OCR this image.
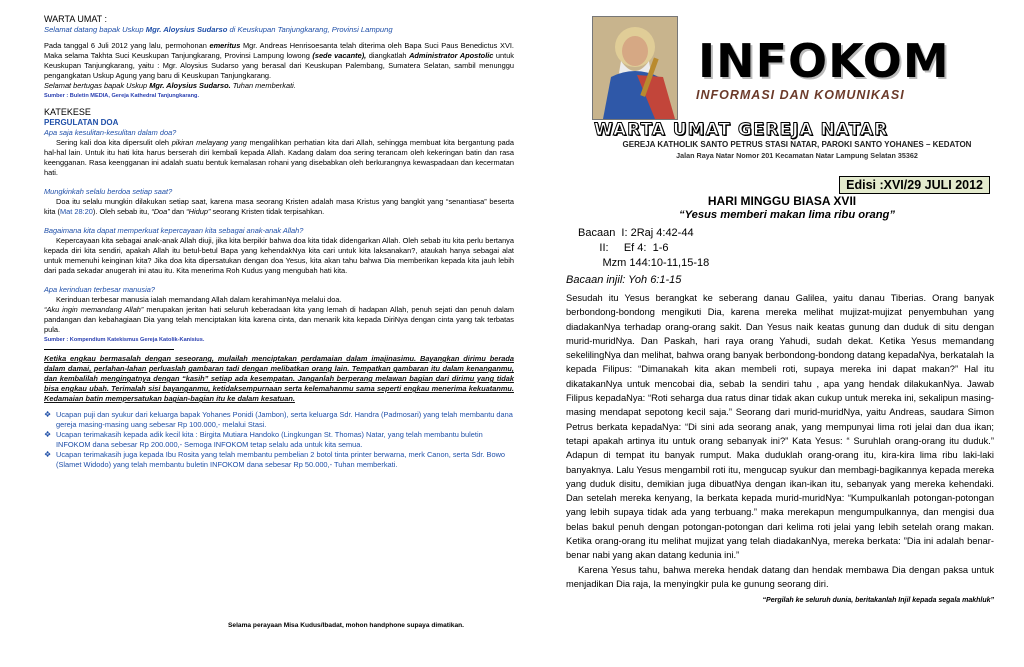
WARTA UMAT :

Selamat datang bapak Uskup Mgr. Aloysius Sudarso di Keuskupan Tanjungkarang, Provinsi Lampung

Pada tanggal 6 Juli 2012 yang lalu, permohonan emeritus Mgr. Andreas Henrisoesanta telah diterima oleh Bapa Suci Paus Benedictus XVI. Maka selama Takhta Suci Keuskupan Tanjungkarang, Provinsi Lampung lowong (sede vacante), diangkatlah Administrator Apostolic untuk Keuskupan Tanjungkarang, yaitu : Mgr. Aloysius Sudarso yang berasal dari Keuskupan Palembang, Sumatera Selatan, sambil menunggu pengangkatan Uskup Agung yang baru di Keuskupan Tanjungkarang.

Selamat bertugas bapak Uskup Mgr. Aloysius Sudarso. Tuhan memberkati.

Sumber : Buletin MEDIA, Gereja Kathedral Tanjungkarang.

KATEKESE

PERGULATAN DOA

Apa saja kesulitan-kesulitan dalam doa?

Sering kali doa kita dipersulit oleh pikiran melayang yang mengalihkan perhatian kita dari Allah, sehingga membuat kita bergantung pada hal-hal lain. Untuk itu hati kita harus berserah diri kembali kepada Allah. Kadang dalam doa sering terancam oleh kekeringan batin dan rasa keengganan. Rasa keengganan ini adalah suatu bentuk kemalasan rohani yang disebabkan oleh berkurangnya kewaspadaan dan kecermatan hati.

Mungkinkah selalu berdoa setiap saat?

Doa itu selalu mungkin dilakukan setiap saat, karena masa seorang Kristen adalah masa Kristus yang bangkit yang “senantiasa” beserta kita (Mat 28:20). Oleh sebab itu, “Doa” dan “Hidup” seorang Kristen tidak terpisahkan.

Bagaimana kita dapat memperkuat kepercayaan kita sebagai anak-anak Allah?

Kepercayaan kita sebagai anak-anak Allah diuji, jika kita berpikir bahwa doa kita tidak didengarkan Allah. Oleh sebab itu kita perlu bertanya kepada diri kita sendiri, apakah Allah itu betul-betul Bapa yang kehendakNya kita cari untuk kita laksanakan?, ataukah hanya sebagai alat untuk memenuhi keinginan kita? Jika doa kita dipersatukan dengan doa Yesus, kita akan tahu bahwa Dia memberikan kepada kita jauh lebih dari pada sekadar anugerah ini atau itu. Kita menerima Roh Kudus yang mengubah hati kita.

Apa kerinduan terbesar manusia?

Kerinduan terbesar manusia ialah memandang Allah dalam kerahimanNya melalui doa.

“Aku ingin memandang Allah” merupakan jeritan hati seluruh keberadaan kita yang lemah di hadapan Allah, penuh sejati dan penuh dalam pandangan dan kebahagiaan Dia yang telah menciptakan kita karena cinta, dan menarik kita kepada DiriNya dengan cinta yang tak terbatas pula.

Sumber : Kompendium Katekismus Gereja Katolik-Kanisius.

Ketika engkau bermasalah dengan seseorang, mulailah menciptakan perdamaian dalam imajinasimu. Bayangkan dirimu berada dalam damai, perlahan-lahan perluaslah gambaran tadi dengan melibatkan orang lain. Tempatkan gambaran itu dalam kenanganmu, dan kembalilah mengingatnya dengan “kasih” setiap ada kesempatan. Janganlah berperang melawan bagian dari dirimu yang tidak bisa engkau ubah. Terimalah sisi bayanganmu, ketidaksempurnaan serta kelemahanmu sama seperti engkau menerima kekuatanmu. Kedamaian batin mempersatukan bagian-bagian itu ke dalam kesatuan.

❖ Ucapan puji dan syukur dari keluarga bapak Yohanes Ponidi (Jambon), serta keluarga Sdr. Handra (Padmosari) yang telah membantu dana gereja masing-masing uang sebesar Rp 100.000,- melalui Stasi.
❖ Ucapan terimakasih kepada adik kecil kita : Birgita Mutiara Handoko (Lingkungan St. Thomas) Natar, yang telah membantu buletin INFOKOM dana sebesar Rp 200.000,- Semoga INFOKOM tetap selalu ada untuk kita semua.
❖ Ucapan terimakasih juga kepada Ibu Rosita yang telah membantu pembelian 2 botol tinta printer berwarna, merk Canon, serta Sdr. Bowo (Slamet Widodo) yang telah membantu buletin INFOKOM dana sebesar Rp 50.000,- Tuhan memberkati.

Selama perayaan Misa Kudus/Ibadat, mohon handphone supaya dimatikan.

INFOKOM
INFORMASI DAN KOMUNIKASI
WARTA UMAT GEREJA NATAR
GEREJA KATHOLIK SANTO PETRUS STASI NATAR, PAROKI SANTO YOHANES – KEDATON
Jalan Raya Natar Nomor 201 Kecamatan Natar Lampung Selatan 35362
Edisi :XVI/29 JULI 2012

HARI MINGGU BIASA XVII

“Yesus memberi makan lima ribu orang”

Bacaan  I: 2Raj 4:42-44
II:     Ef 4:  1-6
Mzm 144:10-11,15-18

Bacaan injil: Yoh 6:1-15

Sesudah itu Yesus berangkat ke seberang danau Galilea, yaitu danau Tiberias. Orang banyak berbondong-bondong mengikuti Dia, karena mereka melihat mujizat-mujizat penyembuhan yang diadakanNya terhadap orang-orang sakit. Dan Yesus naik keatas gunung dan duduk di situ dengan murid-muridNya. Dan Paskah, hari raya orang Yahudi, sudah dekat. Ketika Yesus memandang sekelilingNya dan melihat, bahwa orang banyak berbondong-bondong datang kepadaNya, berkatalah Ia kepada Filipus: “Dimanakah kita akan membeli roti, supaya mereka ini dapat makan?” Hal itu dikatakanNya untuk mencobai dia, sebab Ia sendiri tahu , apa yang hendak dilakukanNya. Jawab Filipus kepadaNya: “Roti seharga dua ratus dinar tidak akan cukup untuk mereka ini, sekalipun masing-masing mendapat sepotong kecil saja.” Seorang dari murid-muridNya, yaitu Andreas, saudara Simon Petrus berkata kepadaNya: “Di sini ada seorang anak, yang mempunyai lima roti jelai dan dua ikan; tetapi apakah artinya itu untuk orang sebanyak ini?” Kata Yesus: “ Suruhlah orang-orang itu duduk.” Adapun di tempat itu banyak rumput. Maka duduklah orang-orang itu, kira-kira lima ribu laki-laki banyaknya. Lalu Yesus mengambil roti itu, mengucap syukur dan membagi-bagikannya kepada mereka yang duduk disitu, demikian juga dibuatNya dengan ikan-ikan itu, sebanyak yang mereka kehendaki. Dan setelah mereka kenyang, Ia berkata kepada murid-muridNya: “Kumpulkanlah potongan-potongan yang lebih supaya tidak ada yang terbuang.” maka merekapun mengumpulkannya, dan mengisi dua belas bakul penuh dengan potongan-potongan dari kelima roti jelai yang lebih setelah orang makan. Ketika orang-orang itu melihat mujizat yang telah diadakanNya, mereka berkata: ”Dia ini adalah benar-benar nabi yang akan datang kedunia ini.”

Karena Yesus tahu, bahwa mereka hendak datang dan hendak membawa Dia dengan paksa untuk menjadikan Dia raja, Ia menyingkir pula ke gunung seorang diri.

“Pergilah ke seluruh dunia, beritakanlah Injil kepada segala makhluk”
